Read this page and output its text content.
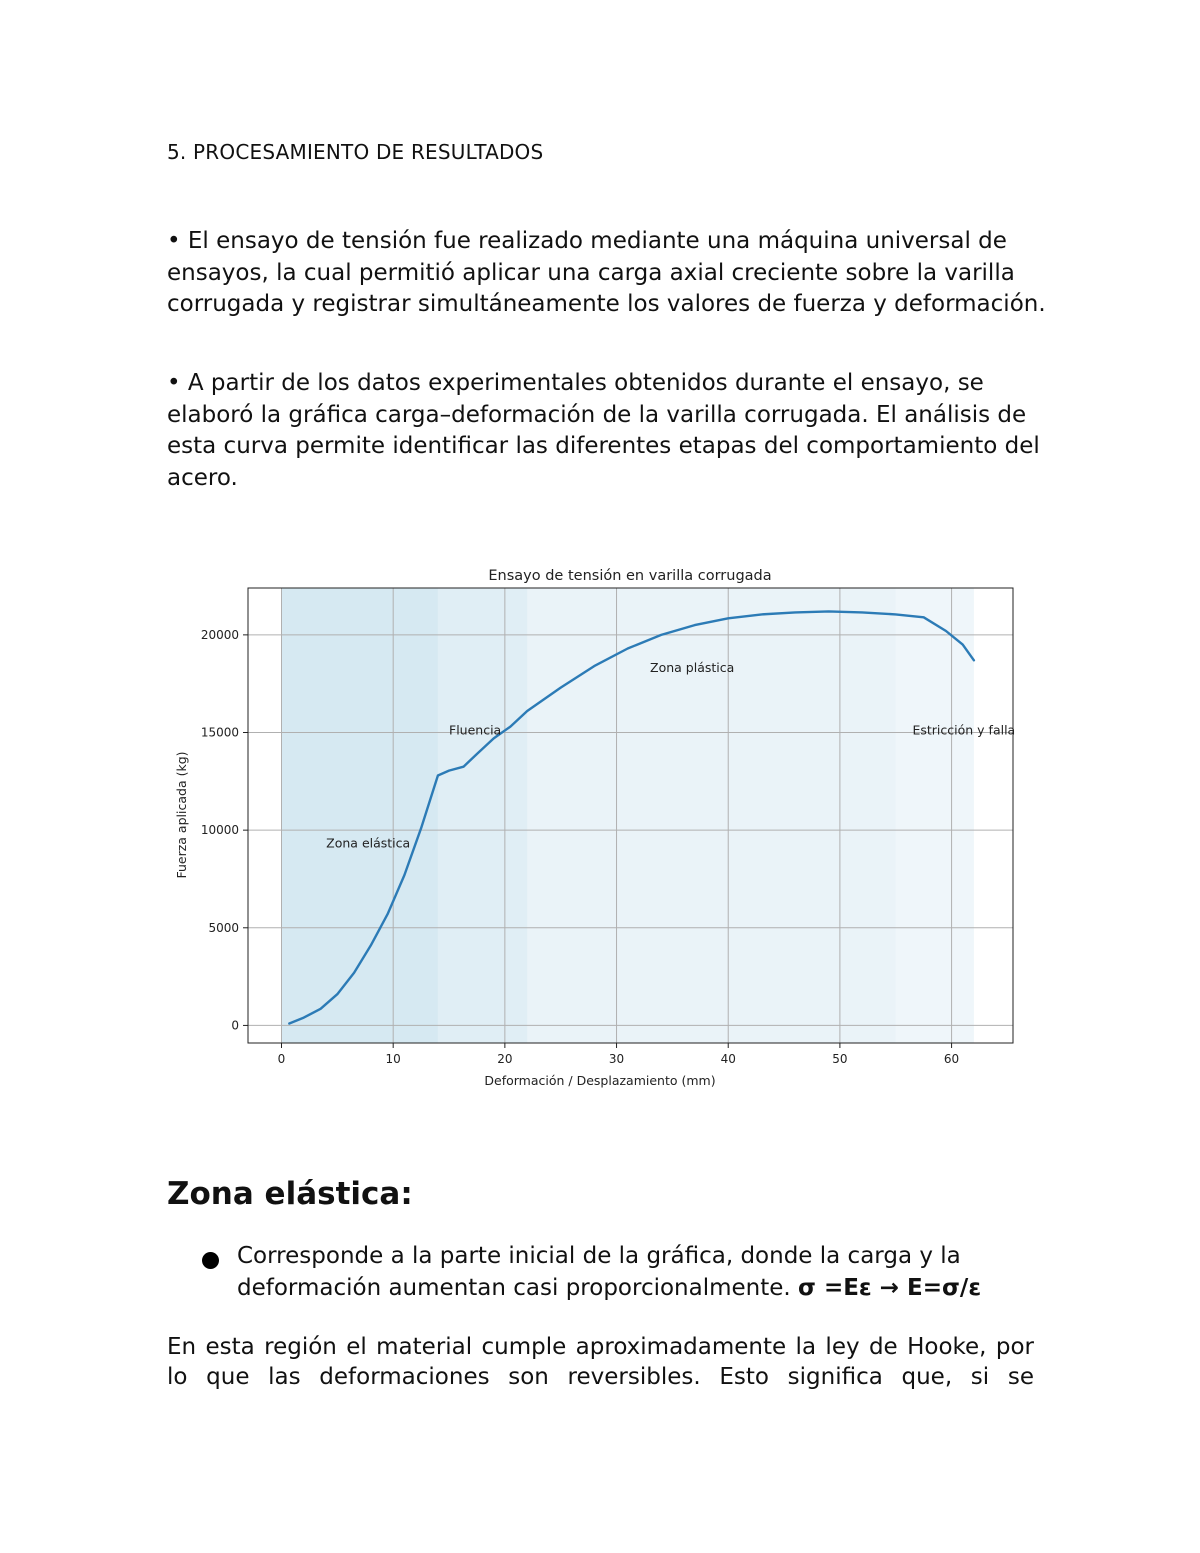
5. PROCESAMIENTO DE RESULTADOS

• El ensayo de tensión fue realizado mediante una máquina universal de ensayos, la cual permitió aplicar una carga axial creciente sobre la varilla corrugada y registrar simultáneamente los valores de fuerza y deformación.

• A partir de los datos experimentales obtenidos durante el ensayo, se elaboró la gráfica carga–deformación de la varilla corrugada. El análisis de esta curva permite identificar las diferentes etapas del comportamiento del acero.

Ensayo de tensión en varilla corrugada
Zona elástica
Fluencia
Zona plástica
Estricción y falla
0	10	20	30	40	50	60
0
5000
10000
15000
20000
Deformación / Desplazamiento (mm)
Fuerza aplicada (kg)
Zona elástica:

Corresponde a la parte inicial de la gráfica, donde la carga y la deformación aumentan casi proporcionalmente. σ =Eε → E=σ/ε

En esta región el material cumple aproximadamente la ley de Hooke, por lo que las deformaciones son reversibles. Esto significa que, si se
